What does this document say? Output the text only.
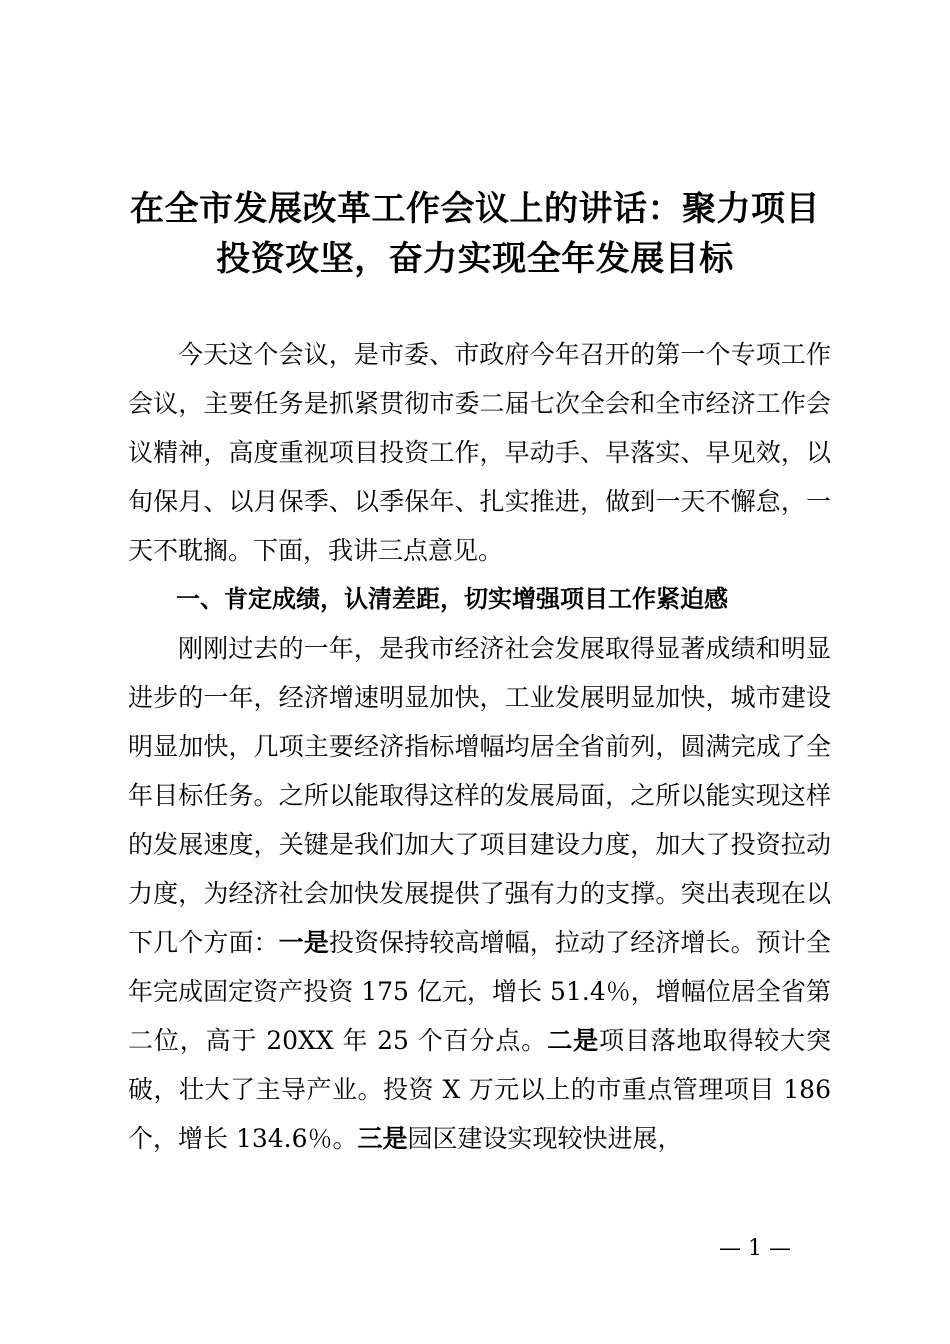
在全市发展改革工作会议上的讲话：聚力项目
投资攻坚，奋力实现全年发展目标

今天这个会议，是市委、市政府今年召开的第一个专项工作会议，主要任务是抓紧贯彻市委二届七次全会和全市经济工作会议精神，高度重视项目投资工作，早动手、早落实、早见效，以旬保月、以月保季、以季保年、扎实推进，做到一天不懈怠，一天不耽搁。下面，我讲三点意见。

一、肯定成绩，认清差距，切实增强项目工作紧迫感

刚刚过去的一年，是我市经济社会发展取得显著成绩和明显进步的一年，经济增速明显加快，工业发展明显加快，城市建设明显加快，几项主要经济指标增幅均居全省前列，圆满完成了全年目标任务。之所以能取得这样的发展局面，之所以能实现这样的发展速度，关键是我们加大了项目建设力度，加大了投资拉动力度，为经济社会加快发展提供了强有力的支撑。突出表现在以下几个方面：一是投资保持较高增幅，拉动了经济增长。预计全年完成固定资产投资 175 亿元，增长 51.4％，增幅位居全省第二位，高于 20XX 年 25 个百分点。二是项目落地取得较大突破，壮大了主导产业。投资 X 万元以上的市重点管理项目 186 个，增长 134.6％。三是园区建设实现较快进展，

— 1 —
